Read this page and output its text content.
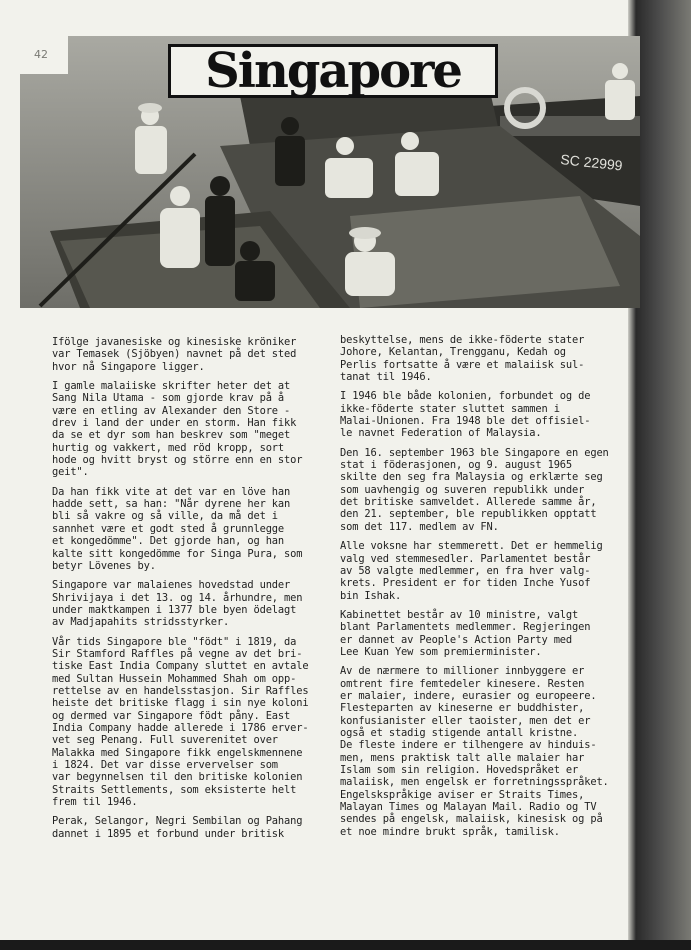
SC 22999
42	Singapore

Ifölge javanesiske og kinesiske kröniker
var Temasek (Sjöbyen) navnet på det sted
hvor nå Singapore ligger.

I gamle malaiiske skrifter heter det at
Sang Nila Utama - som gjorde krav på å
være en etling av Alexander den Store -
drev i land der under en storm. Han fikk
da se et dyr som han beskrev som "meget
hurtig og vakkert, med röd kropp, sort
hode og hvitt bryst og större enn en stor
geit".

Da han fikk vite at det var en löve han
hadde sett, sa han: "Når dyrene her kan
bli så vakre og så ville, da må det i
sannhet være et godt sted å grunnlegge
et kongedömme". Det gjorde han, og han
kalte sitt kongedömme for Singa Pura, som
betyr Lövenes by.

Singapore var malaienes hovedstad under
Shrivijaya i det 13. og 14. århundre, men
under maktkampen i 1377 ble byen ödelagt
av Madjapahits stridsstyrker.

Vår tids Singapore ble "födt" i 1819, da
Sir Stamford Raffles på vegne av det bri-
tiske East India Company sluttet en avtale
med Sultan Hussein Mohammed Shah om opp-
rettelse av en handelsstasjon. Sir Raffles
heiste det britiske flagg i sin nye koloni
og dermed var Singapore födt påny. East
India Company hadde allerede i 1786 erver-
vet seg Penang. Full suverenitet over
Malakka med Singapore fikk engelskmennene
i 1824. Det var disse ervervelser som
var begynnelsen til den britiske kolonien
Straits Settlements, som eksisterte helt
frem til 1946.

Perak, Selangor, Negri Sembilan og Pahang
dannet i 1895 et forbund under britisk

beskyttelse, mens de ikke-föderte stater
Johore, Kelantan, Trengganu, Kedah og
Perlis fortsatte å være et malaiisk sul-
tanat til 1946.

I 1946 ble både kolonien, forbundet og de
ikke-föderte stater sluttet sammen i
Malai-Unionen. Fra 1948 ble det offisiel-
le navnet Federation of Malaysia.

Den 16. september 1963 ble Singapore en egen
stat i föderasjonen, og 9. august 1965
skilte den seg fra Malaysia og erklærte seg
som uavhengig og suveren republikk under
det britiske samveldet. Allerede samme år,
den 21. september, ble republikken opptatt
som det 117. medlem av FN.

Alle voksne har stemmerett. Det er hemmelig
valg ved stemmesedler. Parlamentet består
av 58 valgte medlemmer, en fra hver valg-
krets. President er for tiden Inche Yusof
bin Ishak.

Kabinettet består av 10 ministre, valgt
blant Parlamentets medlemmer. Regjeringen
er dannet av People's Action Party med
Lee Kuan Yew som premierminister.

Av de nærmere to millioner innbyggere er
omtrent fire femtedeler kinesere. Resten
er malaier, indere, eurasier og europeere.
Flesteparten av kineserne er buddhister,
konfusianister eller taoister, men det er
også et stadig stigende antall kristne.
De fleste indere er tilhengere av hinduis-
men, mens praktisk talt alle malaier har
Islam som sin religion. Hovedspråket er
malaiisk, men engelsk er forretningsspråket.
Engelskspråkige aviser er Straits Times,
Malayan Times og Malayan Mail. Radio og TV
sendes på engelsk, malaiisk, kinesisk og på
et noe mindre brukt språk, tamilisk.
